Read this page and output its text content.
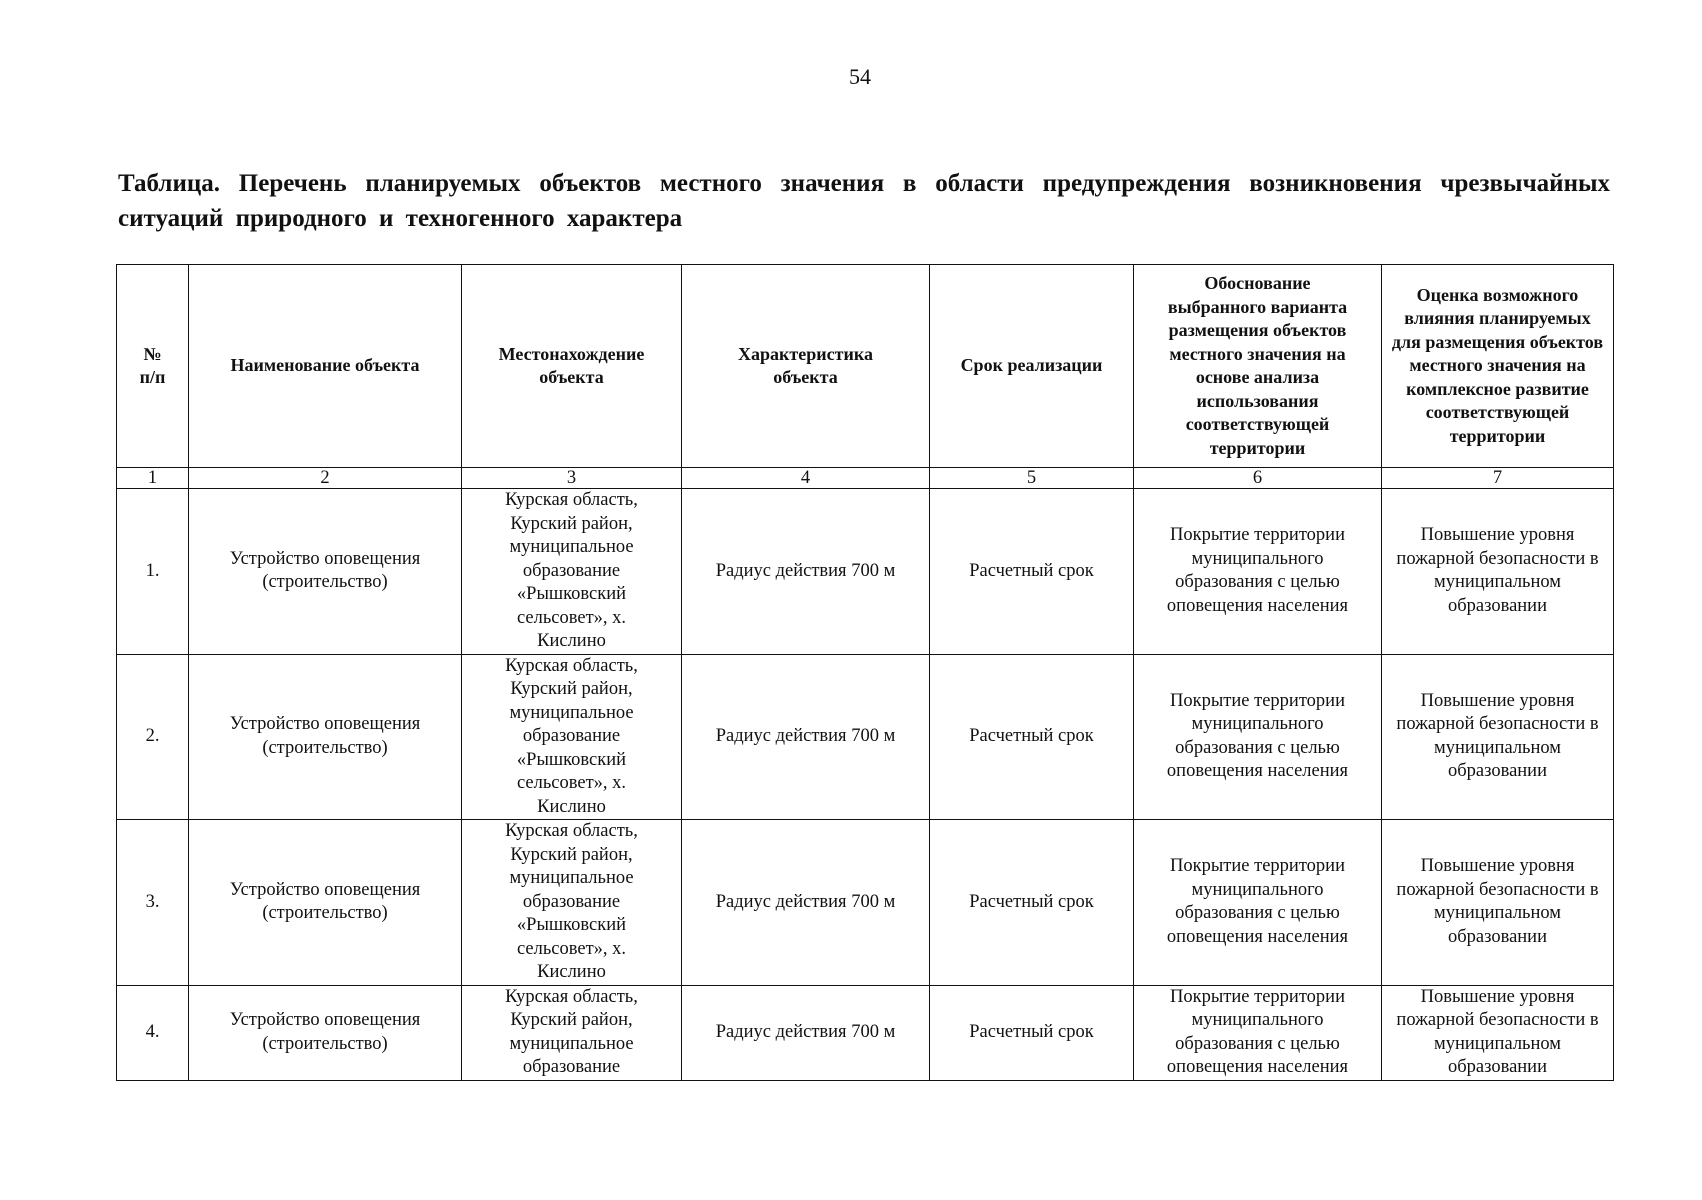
54
Таблица. Перечень планируемых объектов местного значения в области предупреждения возникновения чрезвычайных ситуаций природного и техногенного характера
№ п/п	Наименование объекта	Местонахождение объекта	Характеристика объекта	Срок реализации	Обоснование выбранного варианта размещения объектов местного значения на основе анализа использования соответствующей территории	Оценка возможного влияния планируемых для размещения объектов местного значения на комплексное развитие соответствующей территории
1	2	3	4	5	6	7
1.	Устройство оповещения (строительство)	Курская область, Курский район, муниципальное образование «Рышковский сельсовет», х. Кислино	Радиус действия 700 м	Расчетный срок	Покрытие территории муниципального образования с целью оповещения населения	Повышение уровня пожарной безопасности в муниципальном образовании
2.	Устройство оповещения (строительство)	Курская область, Курский район, муниципальное образование «Рышковский сельсовет», х. Кислино	Радиус действия 700 м	Расчетный срок	Покрытие территории муниципального образования с целью оповещения населения	Повышение уровня пожарной безопасности в муниципальном образовании
3.	Устройство оповещения (строительство)	Курская область, Курский район, муниципальное образование «Рышковский сельсовет», х. Кислино	Радиус действия 700 м	Расчетный срок	Покрытие территории муниципального образования с целью оповещения населения	Повышение уровня пожарной безопасности в муниципальном образовании
4.	Устройство оповещения (строительство)	Курская область, Курский район, муниципальное образование	Радиус действия 700 м	Расчетный срок	Покрытие территории муниципального образования с целью оповещения населения	Повышение уровня пожарной безопасности в муниципальном образовании
